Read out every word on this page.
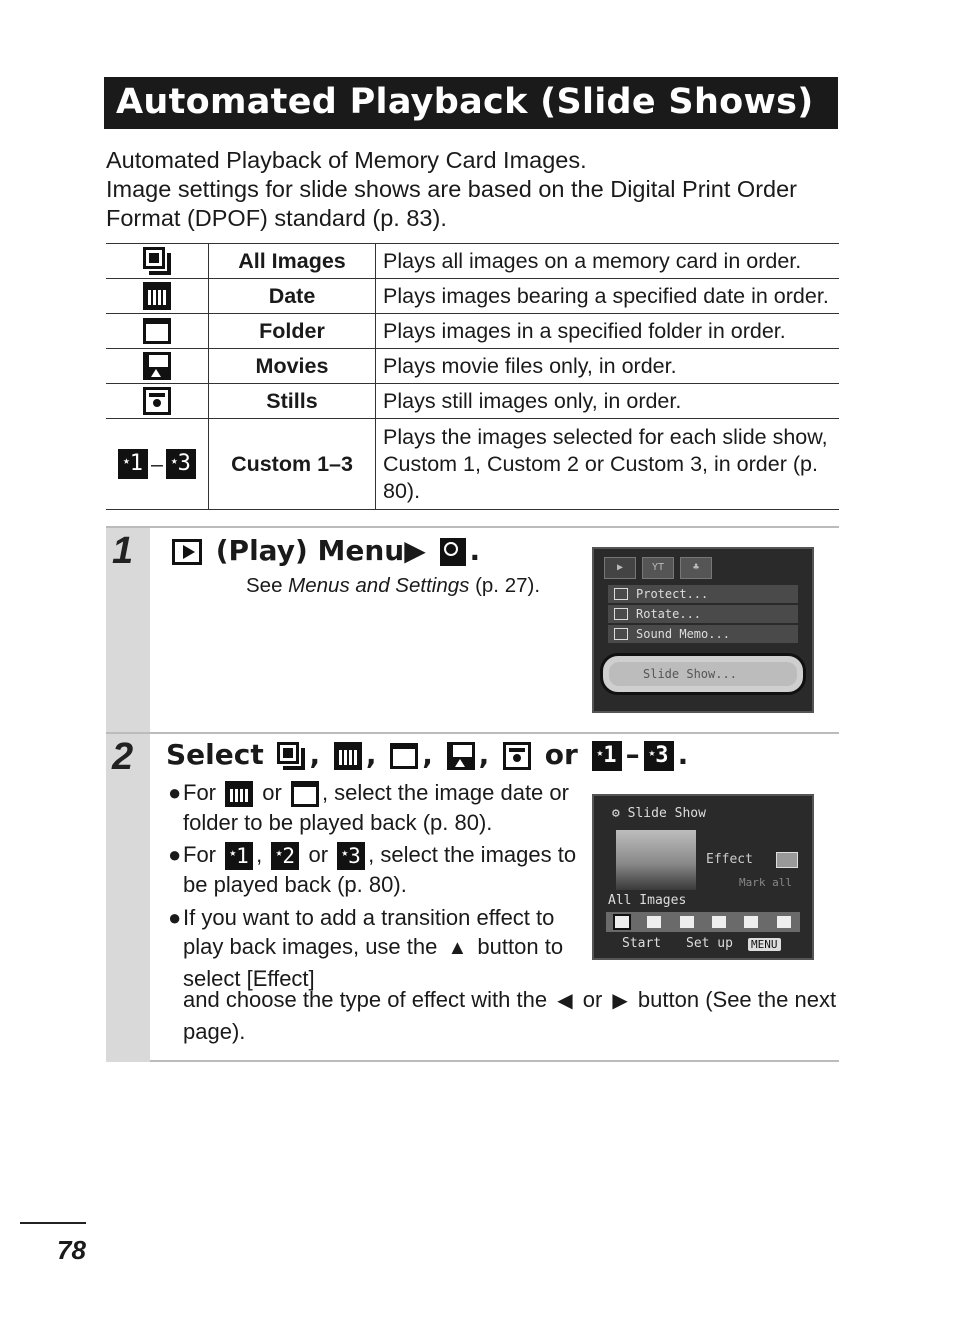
Automated Playback (Slide Shows)
Automated Playback of Memory Card Images.
Image settings for slide shows are based on the Digital Print Order
Format (DPOF) standard (p. 83).
	All Images	Plays all images on a memory card in order.

	Date	Plays images bearing a specified date in order.
	Folder	Plays images in a specified folder in order.
	Movies	Plays movie files only, in order.
	Stills	Plays still images only, in order.
★1 – ★3	Custom 1–3	Plays the images selected for each slide show, Custom 1, Custom 2 or Custom 3, in order (p. 80).
1	(Play) Menu▶ .
See Menus and Settings (p. 27).
▶	YT	♣
Protect...
Rotate...
Sound Memo...
Slide Show...
2 Select ,
, , ,  or ★1 – ★3 .
● For or , select the image date or folder to be played back (p. 80).
● For ★1 , ★2 or ★3 , select the images to be played back (p. 80).
● If you want to add a transition effect to play back images, use the ▲ button to select [Effect]
and choose the type of effect with the ◀ or ▶ button (See the next page).
⚙ Slide Show
Effect
Mark all
All Images
Start Set up MENU
78
